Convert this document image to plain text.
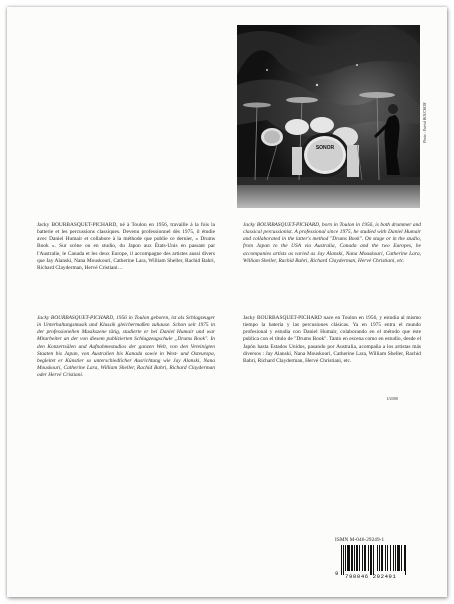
SONOR
Photo : Patrick BOUCHON

Jacky BOURBASQUET-PICHARD, né à Toulon en 1956, travaille à la fois la batterie et les percussions classiques. Devenu professionnel dès 1975, il étudie avec Daniel Humair et collabore à la méthode que publie ce dernier, « Drums Book ». Sur scène ou en studio, du Japon aux États-Unis en passant par l'Australie, le Canada et les deux Europe, il accompagne des artistes aussi divers que Jay Alanski, Nana Mouskouri, Catherine Lara, William Sheller, Rachid Bahri, Richard Clayderman, Hervé Cristiani…

Jacky BOURBASQUET-PICHARD, 1956 in Toulon geboren, ist als Schlagzeuger in Unterhaltungsmusik und Klassik gleichermaßen zuhause. Schon seit 1975 in der professionellen Musikszene tätig, studierte er bei Daniel Humair und war Mitarbeiter an der von diesem publizierten Schlagzeugschule „Drums Book". In den Konzertsälen und Aufnahmestudios der ganzen Welt, von den Vereinigten Staaten bis Japan, von Australien bis Kanada sowie in West- und Osteuropa, begleitet er Künstler so unterschiedlicher Ausrichtung wie Jay Alanski, Nana Mouskouri, Catherine Lara, William Sheller, Rachid Bahri, Richard Clayderman oder Hervé Cristiani.

Jacky BOURBASQUET-PICHARD, born in Toulon in 1956, is both drummer and classical percussionist. A professional since 1975, he studied with Daniel Humair and collaborated in the latter's method "Drums Book". On stage or in the studio, from Japan to the USA via Australia, Canada and the two Europes, he accompanies artists as varied as Jay Alanski, Nana Mouskouri, Catherine Lara, William Sheller, Rachid Bahri, Richard Clayderman, Hervé Christiani, etc.

Jacky BOURBASQUET-PICHARD nace en Toulon en 1956, y estudia al mismo tiempo la batería y las percusiones clásicas. Ya en 1975 entra el mundo profesional y estudia con Daniel Humair, colaborando en el método que éste publica con el título de "Drums Book". Tanto en escena como en estudio, desde el Japón hasta Estados Unidos, pasando por Australia, acompaña a los artistas más diversos : Jay Alanski, Nana Mouskouri, Catherine Lara, William Sheller, Rachid Bahri, Richard Clayderman, Hervé Christiani, etc.

I/2000
ISMN M-046-29249-1
9 790046 292491
